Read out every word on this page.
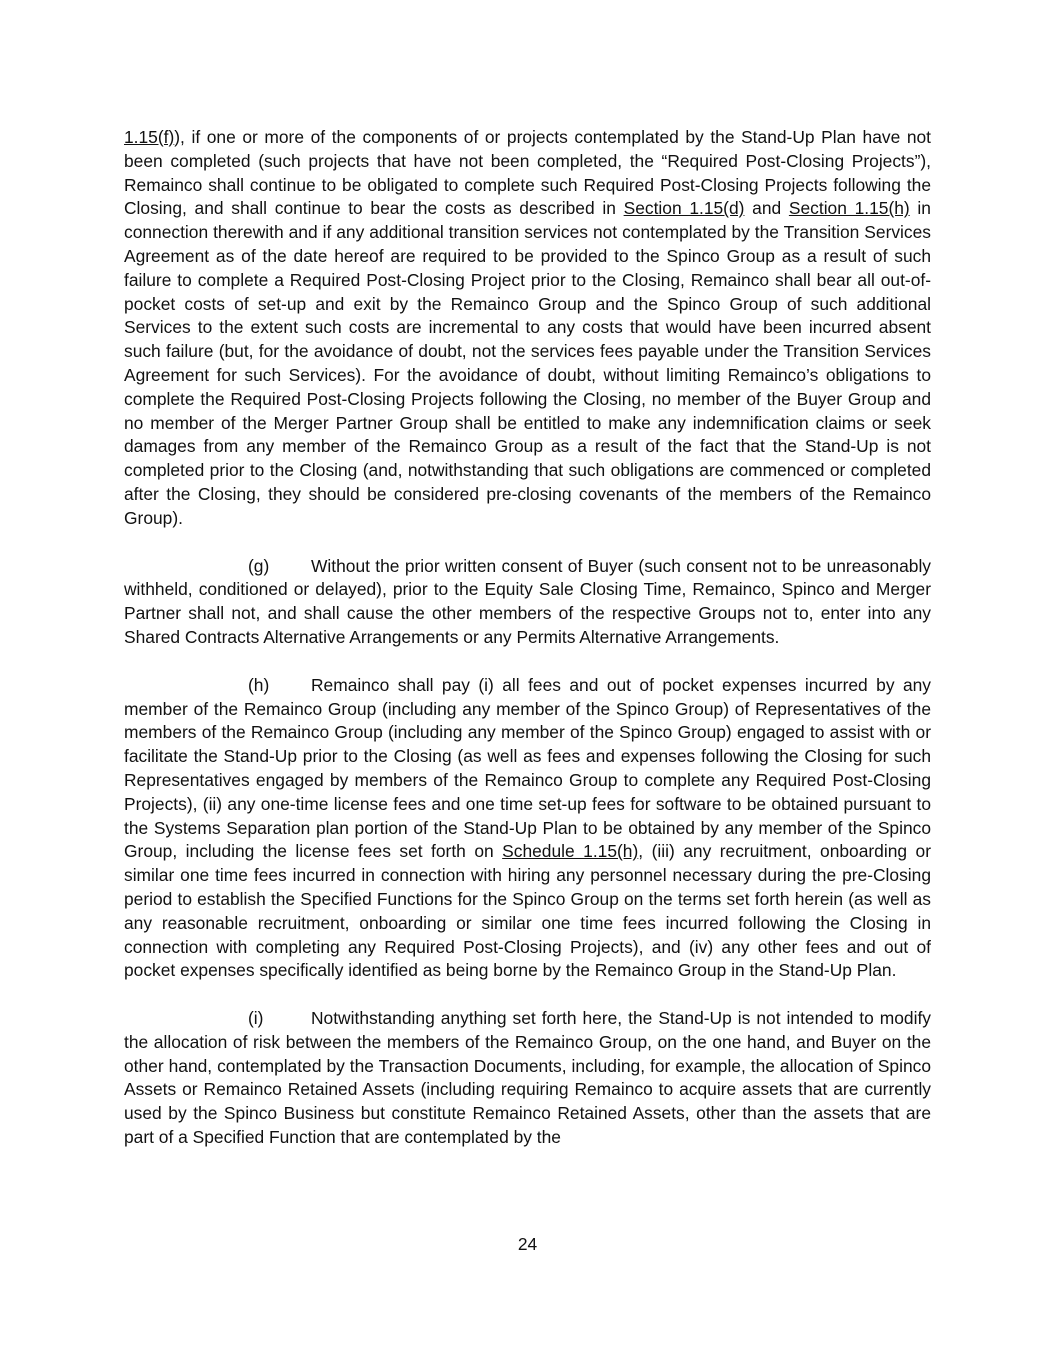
1.15(f)), if one or more of the components of or projects contemplated by the Stand-Up Plan have not been completed (such projects that have not been completed, the “Required Post-Closing Projects”), Remainco shall continue to be obligated to complete such Required Post-Closing Projects following the Closing, and shall continue to bear the costs as described in Section 1.15(d) and Section 1.15(h) in connection therewith and if any additional transition services not contemplated by the Transition Services Agreement as of the date hereof are required to be provided to the Spinco Group as a result of such failure to complete a Required Post-Closing Project prior to the Closing, Remainco shall bear all out-of-pocket costs of set-up and exit by the Remainco Group and the Spinco Group of such additional Services to the extent such costs are incremental to any costs that would have been incurred absent such failure (but, for the avoidance of doubt, not the services fees payable under the Transition Services Agreement for such Services). For the avoidance of doubt, without limiting Remainco’s obligations to complete the Required Post-Closing Projects following the Closing, no member of the Buyer Group and no member of the Merger Partner Group shall be entitled to make any indemnification claims or seek damages from any member of the Remainco Group as a result of the fact that the Stand-Up is not completed prior to the Closing (and, notwithstanding that such obligations are commenced or completed after the Closing, they should be considered pre-closing covenants of the members of the Remainco Group).

(g) Without the prior written consent of Buyer (such consent not to be unreasonably withheld, conditioned or delayed), prior to the Equity Sale Closing Time, Remainco, Spinco and Merger Partner shall not, and shall cause the other members of the respective Groups not to, enter into any Shared Contracts Alternative Arrangements or any Permits Alternative Arrangements.

(h) Remainco shall pay (i) all fees and out of pocket expenses incurred by any member of the Remainco Group (including any member of the Spinco Group) of Representatives of the members of the Remainco Group (including any member of the Spinco Group) engaged to assist with or facilitate the Stand-Up prior to the Closing (as well as fees and expenses following the Closing for such Representatives engaged by members of the Remainco Group to complete any Required Post-Closing Projects), (ii) any one-time license fees and one time set-up fees for software to be obtained pursuant to the Systems Separation plan portion of the Stand-Up Plan to be obtained by any member of the Spinco Group, including the license fees set forth on Schedule 1.15(h), (iii) any recruitment, onboarding or similar one time fees incurred in connection with hiring any personnel necessary during the pre-Closing period to establish the Specified Functions for the Spinco Group on the terms set forth herein (as well as any reasonable recruitment, onboarding or similar one time fees incurred following the Closing in connection with completing any Required Post-Closing Projects), and (iv) any other fees and out of pocket expenses specifically identified as being borne by the Remainco Group in the Stand-Up Plan.

(i)	Notwithstanding anything set forth here, the Stand-Up is not intended to modify the allocation of risk between the members of the Remainco Group, on the one hand, and Buyer on the other hand, contemplated by the Transaction Documents, including, for example, the allocation of Spinco Assets or Remainco Retained Assets (including requiring Remainco to acquire assets that are currently used by the Spinco Business but constitute Remainco Retained Assets, other than the assets that are part of a Specified Function that are contemplated by the

24
